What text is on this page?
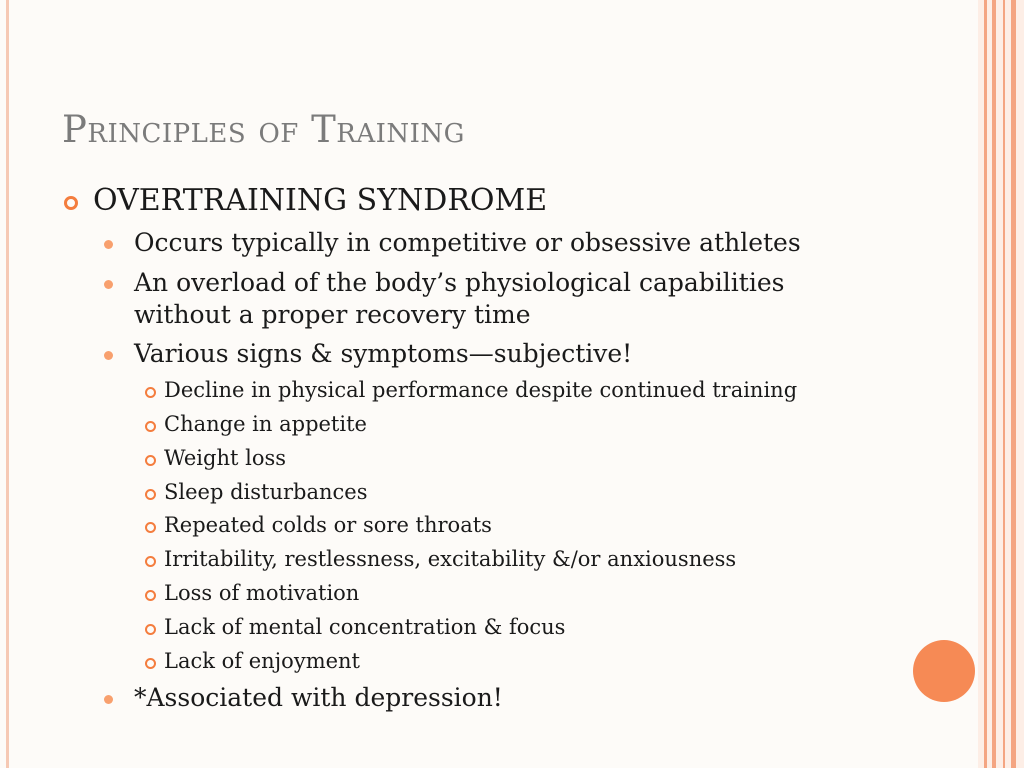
Principles of Training
OVERTRAINING SYNDROME
Occurs typically in competitive or obsessive athletes
An overload of the body’s physiological capabilities
without a proper recovery time
Various signs & symptoms—subjective!
Decline in physical performance despite continued training
Change in appetite
Weight loss
Sleep disturbances
Repeated colds or sore throats
Irritability, restlessness, excitability &/or anxiousness
Loss of motivation
Lack of mental concentration & focus
Lack of enjoyment
*Associated with depression!
